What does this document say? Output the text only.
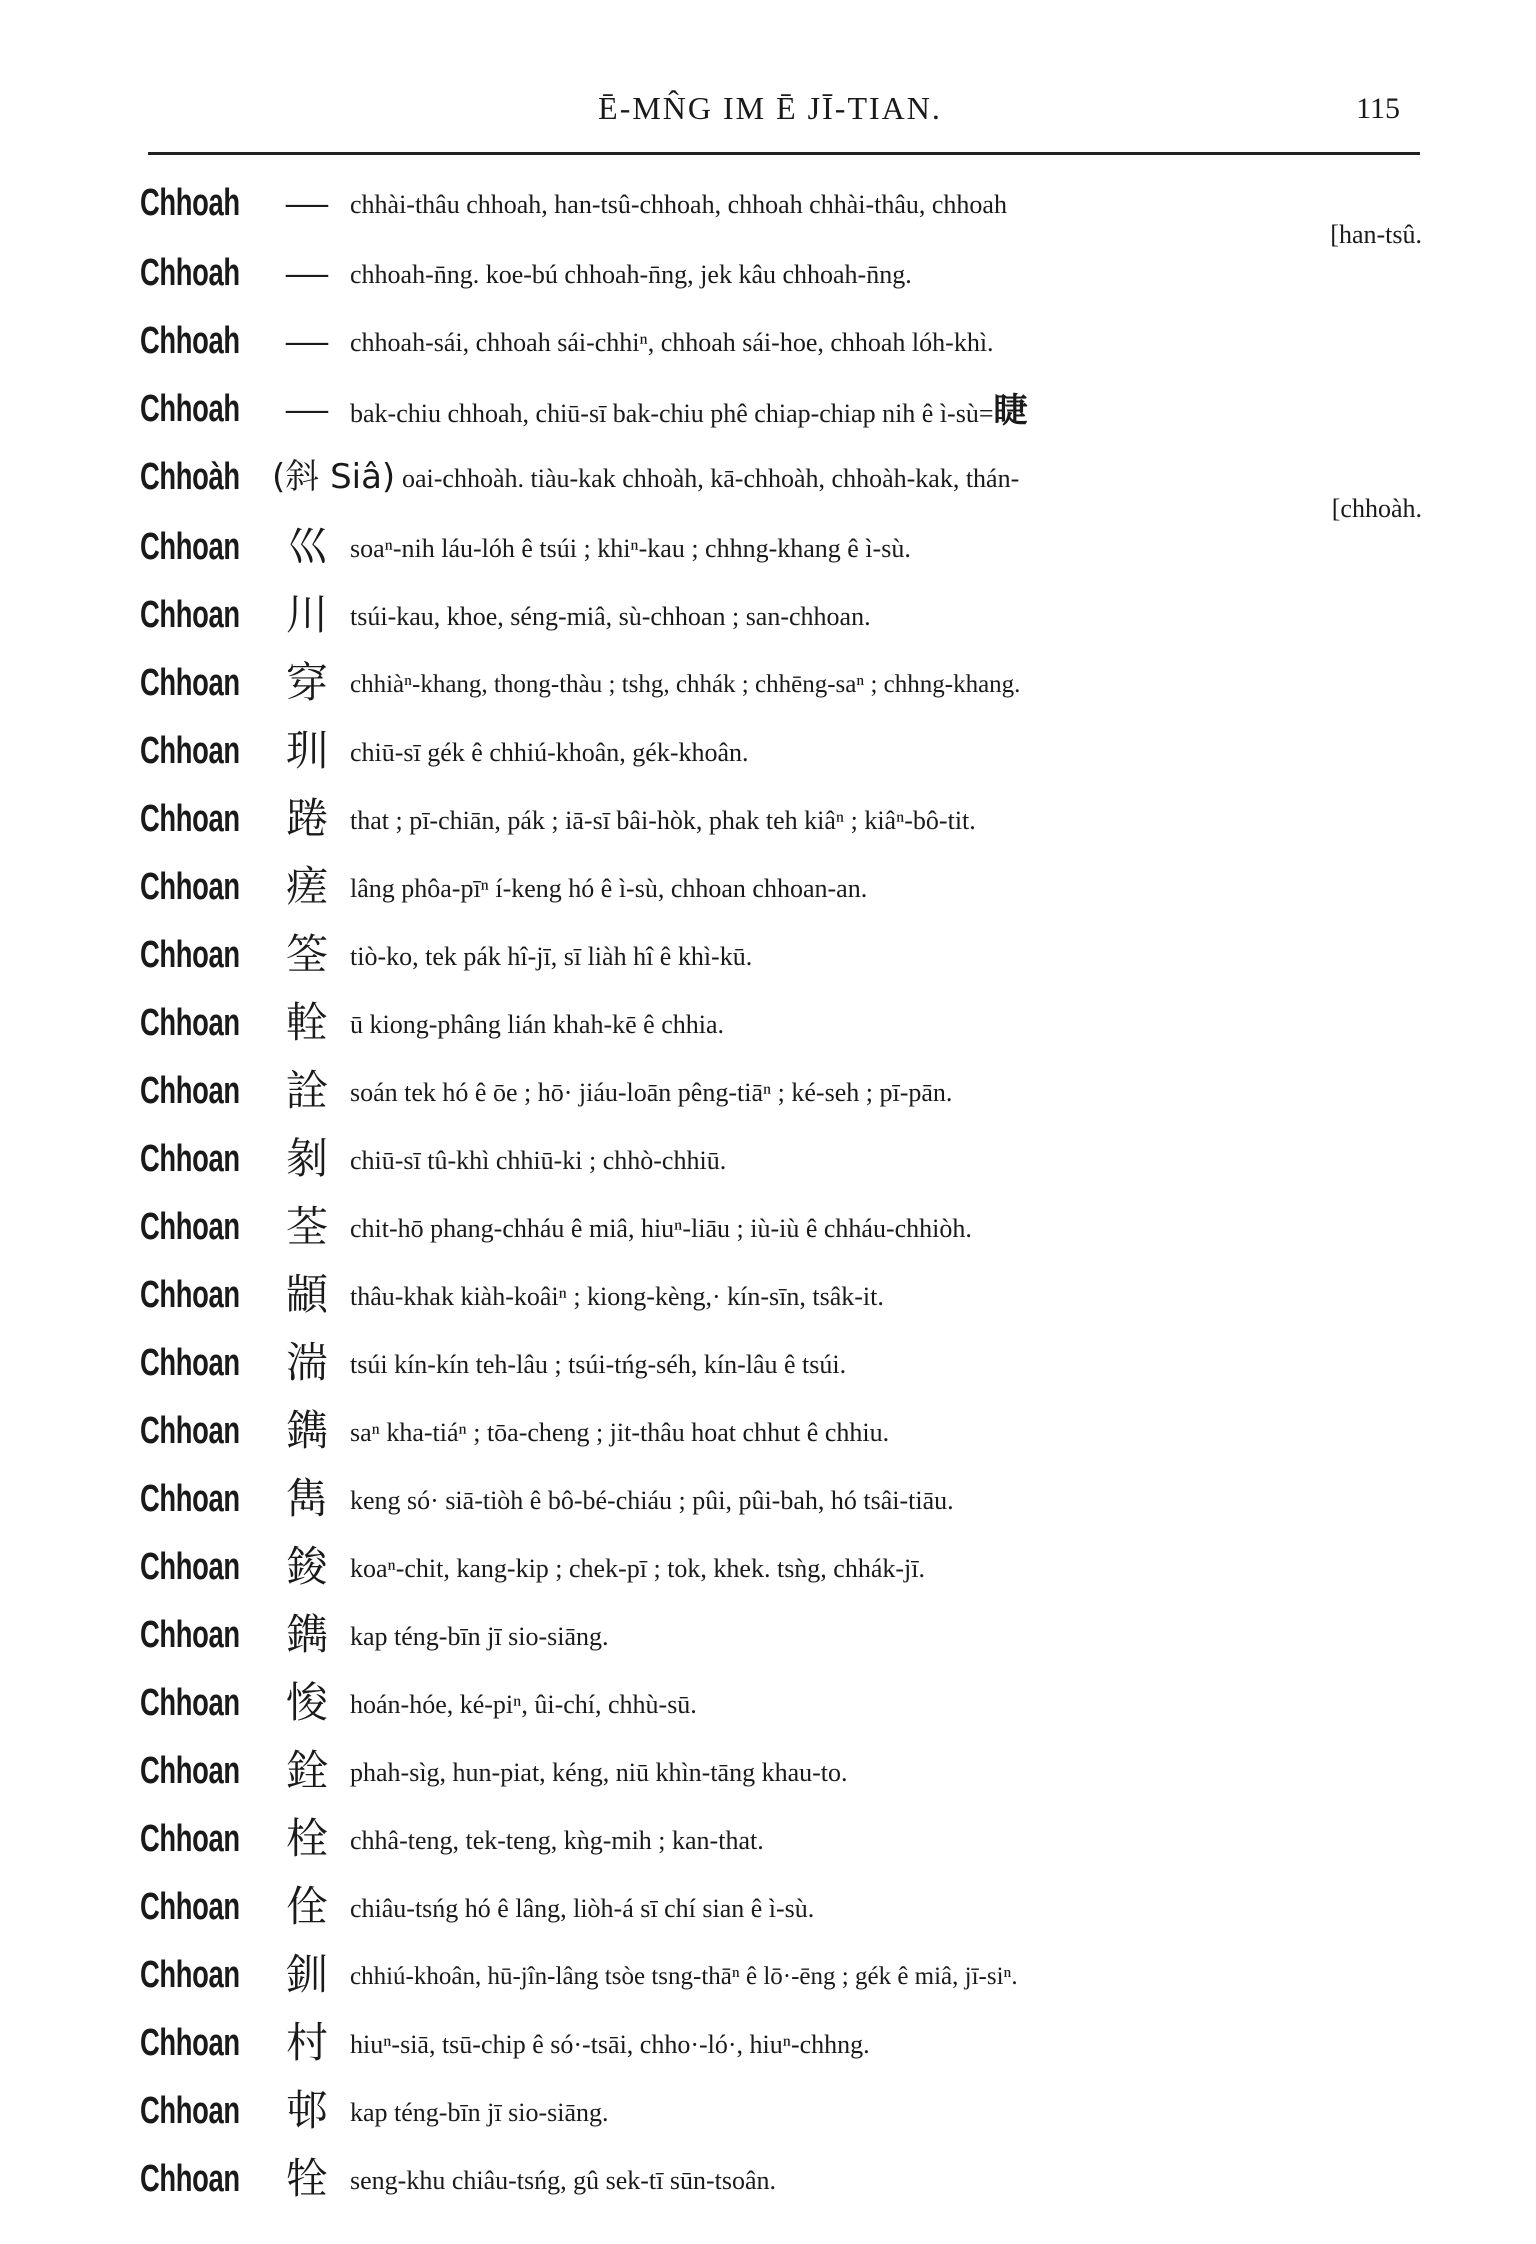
Ē-MN̂G IM Ē JĪ-TIAN.	115
Chhoah — chhài-thâu chhoah, han-tsû-chhoah, chhoah chhài-thâu, chhoah
[han-tsû.
Chhoah — chhoah-n̄ng. koe-bú chhoah-n̄ng, jek kâu chhoah-n̄ng.
Chhoah — chhoah-sái, chhoah sái-chhiⁿ, chhoah sái-hoe, chhoah lóh-khì.
Chhoah — bak-chiu chhoah, chiū-sī bak-chiu phê chiap-chiap nih ê ì-sù=睫
Chhoàh (斜 Siâ) oai-chhoàh. tiàu-kak chhoàh, kā-chhoàh, chhoàh-kak, thán-
[chhoàh.
Chhoan 巛 soaⁿ-nih láu-lóh ê tsúi ; khiⁿ-kau ; chhng-khang ê ì-sù.
Chhoan 川 tsúi-kau, khoe, séng-miâ, sù-chhoan ; san-chhoan.
Chhoan 穿 chhiàⁿ-khang, thong-thàu ; tshg, chhák ; chhēng-saⁿ ; chhng-khang.
Chhoan 玔 chiū-sī gék ê chhiú-khoân, gék-khoân.
Chhoan 踡 that ; pī-chiān, pák ; iā-sī bâi-hòk, phak teh kiâⁿ ; kiâⁿ-bô-tit.
Chhoan 瘥 lâng phôa-pīⁿ í-keng hó ê ì-sù, chhoan chhoan-an.
Chhoan 筌 tiò-ko, tek pák hî-jī, sī liàh hî ê khì-kū.
Chhoan 輇 ū kiong-phâng lián khah-kē ê chhia.
Chhoan 詮 soán tek hó ê ōe ; hō· jiáu-loān pêng-tiāⁿ ; ké-seh ; pī-pān.
Chhoan 剶 chiū-sī tû-khì chhiū-ki ; chhò-chhiū.
Chhoan 荃 chit-hō phang-chháu ê miâ, hiuⁿ-liāu ; iù-iù ê chháu-chhiòh.
Chhoan 顓 thâu-khak kiàh-koâiⁿ ; kiong-kèng,· kín-sīn, tsâk-it.
Chhoan 湍 tsúi kín-kín teh-lâu ; tsúi-tńg-séh, kín-lâu ê tsúi.
Chhoan 鐫 saⁿ kha-tiáⁿ ; tōa-cheng ; jit-thâu hoat chhut ê chhiu.
Chhoan 雋 keng só· siā-tiòh ê bô-bé-chiáu ; pûi, pûi-bah, hó tsâi-tiāu.
Chhoan 鋑 koaⁿ-chit, kang-kip ; chek-pī ; tok, khek. tsǹg, chhák-jī.
Chhoan 鐫 kap téng-bīn jī sio-siāng.
Chhoan 悛 hoán-hóe, ké-piⁿ, ûi-chí, chhù-sū.
Chhoan 銓 phah-sìg, hun-piat, kéng, niū khìn-tāng khau-to.
Chhoan 栓 chhâ-teng, tek-teng, kǹg-mih ; kan-that.
Chhoan 佺 chiâu-tsńg hó ê lâng, liòh-á sī chí sian ê ì-sù.
Chhoan 釧 chhiú-khoân, hū-jîn-lâng tsòe tsng-thāⁿ ê lō·-ēng ; gék ê miâ, jī-siⁿ.
Chhoan 村 hiuⁿ-siā, tsū-chip ê só·-tsāi, chho·-ló·, hiuⁿ-chhng.
Chhoan 邨 kap téng-bīn jī sio-siāng.
Chhoan 牷 seng-khu chiâu-tsńg, gû sek-tī sūn-tsoân.
